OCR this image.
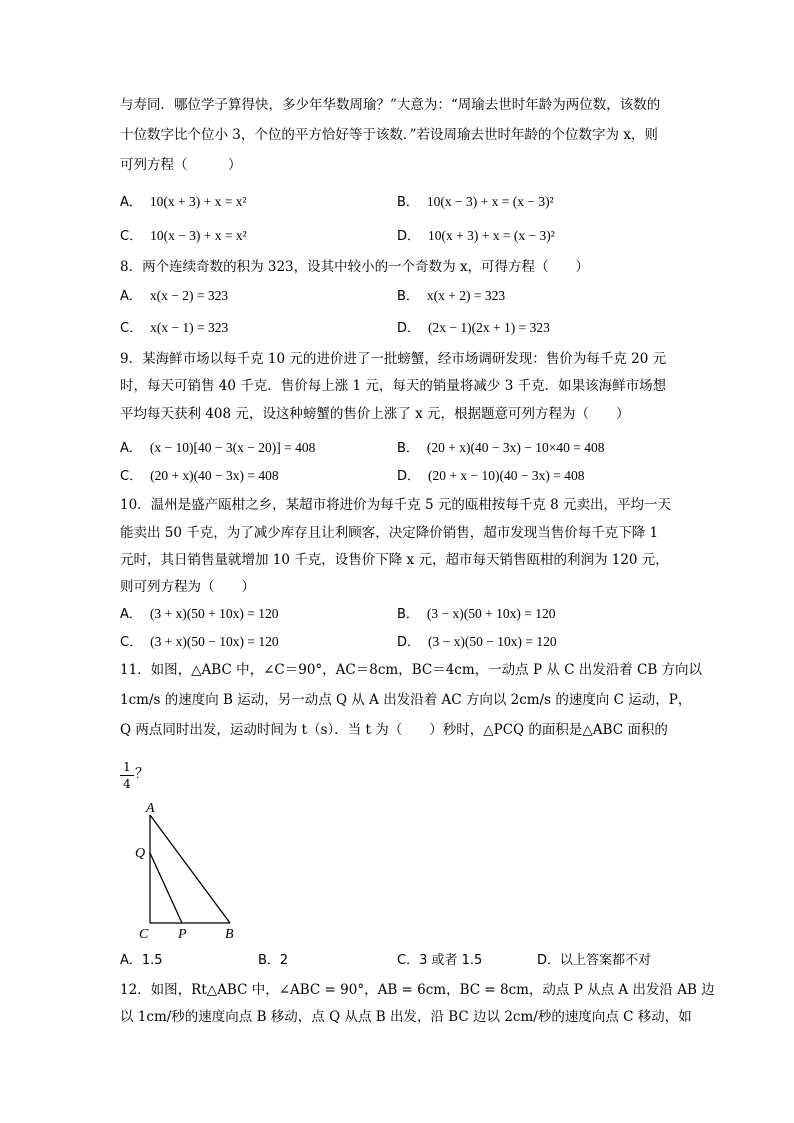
与寿同．哪位学子算得快，多少年华数周瑜？”大意为：“周瑜去世时年龄为两位数，该数的
十位数字比个位小 3，个位的平方恰好等于该数．”若设周瑜去世时年龄的个位数字为 x，则
可列方程（　　　）
A． 10(x + 3) + x = x²	B． 10(x − 3) + x = (x − 3)²
C． 10(x − 3) + x = x²	D． 10(x + 3) + x = (x − 3)²
8．两个连续奇数的积为 323，设其中较小的一个奇数为 x，可得方程（　　）
A． x(x − 2) = 323	B． x(x + 2) = 323
C． x(x − 1) = 323	D． (2x − 1)(2x + 1) = 323
9．某海鲜市场以每千克 10 元的进价进了一批螃蟹，经市场调研发现：售价为每千克 20 元
时，每天可销售 40 千克．售价每上涨 1 元，每天的销量将减少 3 千克．如果该海鲜市场想
平均每天获利 408 元，设这种螃蟹的售价上涨了 x 元，根据题意可列方程为（　　）
A． (x − 10)[40 − 3(x − 20)] = 408	B． (20 + x)(40 − 3x) − 10×40 = 408
C． (20 + x)(40 − 3x) = 408	D． (20 + x − 10)(40 − 3x) = 408
10．温州是盛产瓯柑之乡，某超市将进价为每千克 5 元的瓯柑按每千克 8 元卖出，平均一天
能卖出 50 千克，为了减少库存且让利顾客，决定降价销售，超市发现当售价每千克下降 1
元时，其日销售量就增加 10 千克，设售价下降 x 元，超市每天销售瓯柑的利润为 120 元，
则可列方程为（　　）
A． (3 + x)(50 + 10x) = 120	B． (3 − x)(50 + 10x) = 120
C． (3 + x)(50 − 10x) = 120	D． (3 − x)(50 − 10x) = 120
11．如图，△ABC 中，∠C＝90°，AC＝8cm，BC＝4cm，一动点 P 从 C 出发沿着 CB 方向以
1cm/s 的速度向 B 运动，另一动点 Q 从 A 出发沿着 AC 方向以 2cm/s 的速度向 C 运动，P，
Q 两点同时出发，运动时间为 t（s）．当 t 为（　　）秒时，△PCQ 的面积是△ABC 面积的
1
4
？
A
Q
C P	B
A．1.5	B．2	C．3 或者 1.5	D．以上答案都不对
12．如图，Rt△ABC 中，∠ABC = 90°，AB = 6cm，BC = 8cm，动点 P 从点 A 出发沿 AB 边
以 1cm/秒的速度向点 B 移动，点 Q 从点 B 出发，沿 BC 边以 2cm/秒的速度向点 C 移动，如
